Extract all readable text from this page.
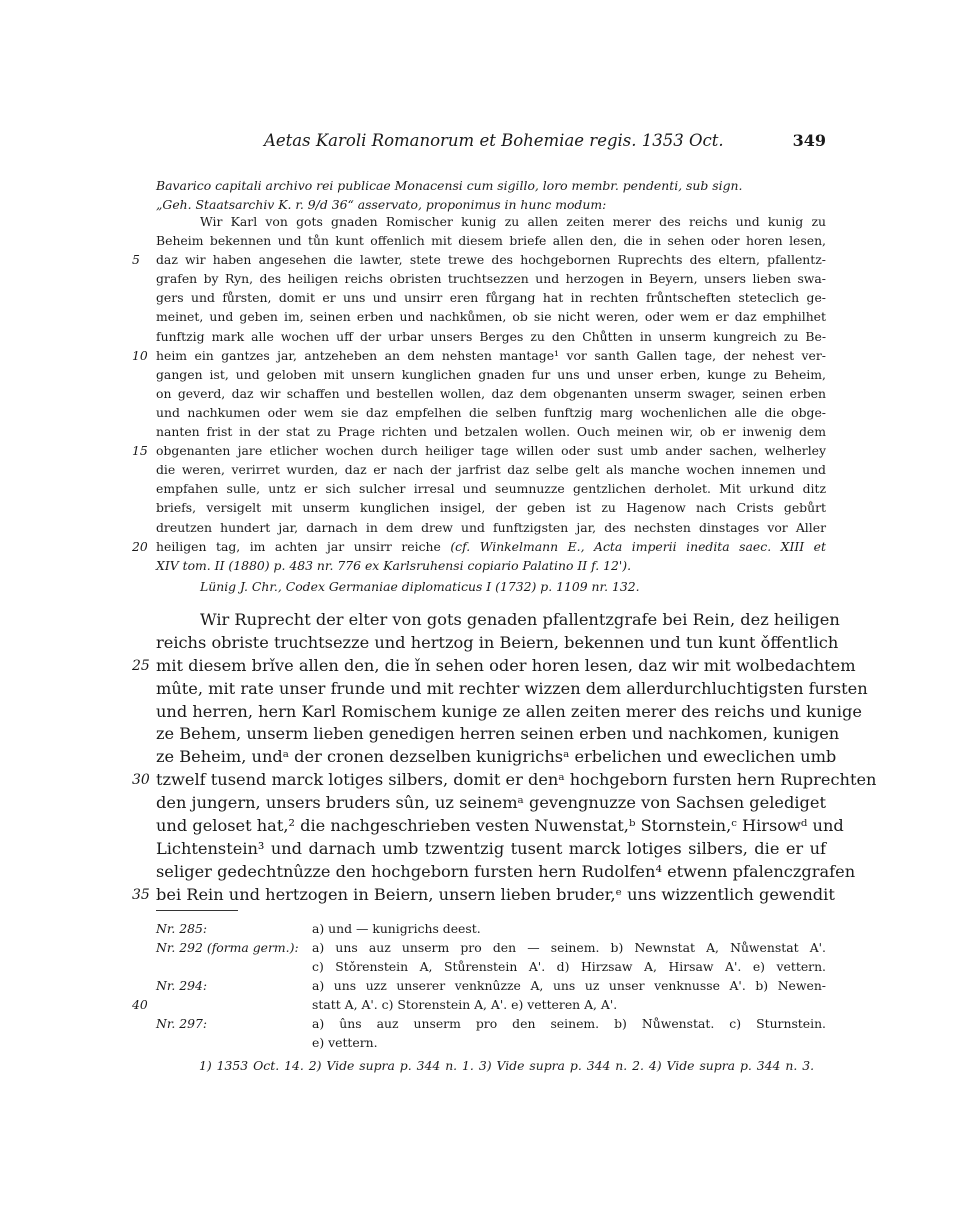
Aetas Karoli Romanorum et Bohemiae regis. 1353 Oct.	349
Bavarico capitali archivo rei publicae Monacensi cum sigillo, loro membr. pendenti, sub sign.
„Geh. Staatsarchiv K. r. 9/d 36“ asservato, proponimus in hunc modum:
Wir Karl von gots gnaden Romischer kunig zu allen zeiten merer des reichs und kunig zu
Beheim bekennen und tůn kunt offenlich mit diesem briefe allen den, die in sehen oder horen lesen,
5	daz wir haben angesehen die lawter, stete trewe des hochgebornen Ruprechts des eltern, pfallentz-
grafen by Ryn, des heiligen reichs obristen truchtsezzen und herzogen in Beyern, unsers lieben swa-
gers und fůrsten, domit er uns und unsirr eren fůrgang hat in rechten frůntscheften steteclich ge-
meinet, und geben im, seinen erben und nachkůmen, ob sie nicht weren, oder wem er daz emphilhet
funftzig mark alle wochen uff der urbar unsers Berges zu den Chůtten in unserm kungreich zu Be-
10 heim ein gantzes jar, antzeheben an dem nehsten mantage¹ vor santh Gallen tage, der nehest ver-
gangen ist, und geloben mit unsern kunglichen gnaden fur uns und unser erben, kunge zu Beheim,
on geverd, daz wir schaffen und bestellen wollen, daz dem obgenanten unserm swager, seinen erben
und nachkumen oder wem sie daz empfelhen die selben funftzig marg wochenlichen alle die obge-
nanten frist in der stat zu Prage richten und betzalen wollen. Ouch meinen wir, ob er inwenig dem
15 obgenanten jare etlicher wochen durch heiliger tage willen oder sust umb ander sachen, welherley
die weren, verirret wurden, daz er nach der jarfrist daz selbe gelt als manche wochen innemen und
empfahen sulle, untz er sich sulcher irresal und seumnuzze gentzlichen derholet. Mit urkund ditz
briefs, versigelt mit unserm kunglichen insigel, der geben ist zu Hagenow nach Crists gebůrt
dreutzen hundert jar, darnach in dem drew und funftzigsten jar, des nechsten dinstages vor Aller
20 heiligen tag, im achten jar unsirr reiche (cf. Winkelmann E., Acta imperii inedita saec. XIII et
XIV tom. II (1880) p. 483 nr. 776 ex Karlsruhensi copiario Palatino II f. 12').
Lünig J. Chr., Codex Germaniae diplomaticus I (1732) p. 1109 nr. 132.
Wir Ruprecht der elter von gots genaden pfallentzgrafe bei Rein, dez heiligen
reichs obriste truchtsezze und hertzog in Beiern, bekennen und tun kunt ǒffentlich
25 mit diesem brǐve allen den, die ǐn sehen oder horen lesen, daz wir mit wolbedachtem
mûte, mit rate unser frunde und mit rechter wizzen dem allerdurchluchtigsten fursten
und herren, hern Karl Romischem kunige ze allen zeiten merer des reichs und kunige
ze Behem, unserm lieben genedigen herren seinen erben und nachkomen, kunigen
ze Beheim, undᵃ der cronen dezselben kunigrichsᵃ erbelichen und eweclichen umb
30 tzwelf tusend marck lotiges silbers, domit er denᵃ hochgeborn fursten hern Ruprechten
den jungern, unsers bruders sûn, uz seinemᵃ gevengnuzze von Sachsen gelediget
und geloset hat,² die nachgeschrieben vesten Nuwenstat,ᵇ Stornstein,ᶜ Hirsowᵈ und
Lichtenstein³ und darnach umb tzwentzig tusent marck lotiges silbers, die er uf
seliger gedechtnûzze den hochgeborn fursten hern Rudolfen⁴ etwenn pfalenczgrafen
35 bei Rein und hertzogen in Beiern, unsern lieben bruder,ᵉ uns wizzentlich gewendit
Nr. 285:	a) und — kunigrichs deest.
Nr. 292 (forma germ.): a) uns auz unserm pro den — seinem. b) Newnstat A, Nůwenstat A'.
c) Stǒrenstein A, Stůrenstein A'. d) Hirzsaw A, Hirsaw A'. e) vettern.
Nr. 294:	a) uns uzz unserer venknûzze A, uns uz unser venknusse A'. b) Newen-
40	statt A, A'. c) Storenstein A, A'. e) vetteren A, A'.
Nr. 297:	a) ûns auz unserm pro den seinem. b) Nůwenstat. c) Sturnstein.
e) vettern.
1) 1353 Oct. 14. 2) Vide supra p. 344 n. 1. 3) Vide supra p. 344 n. 2. 4) Vide supra p. 344 n. 3.
